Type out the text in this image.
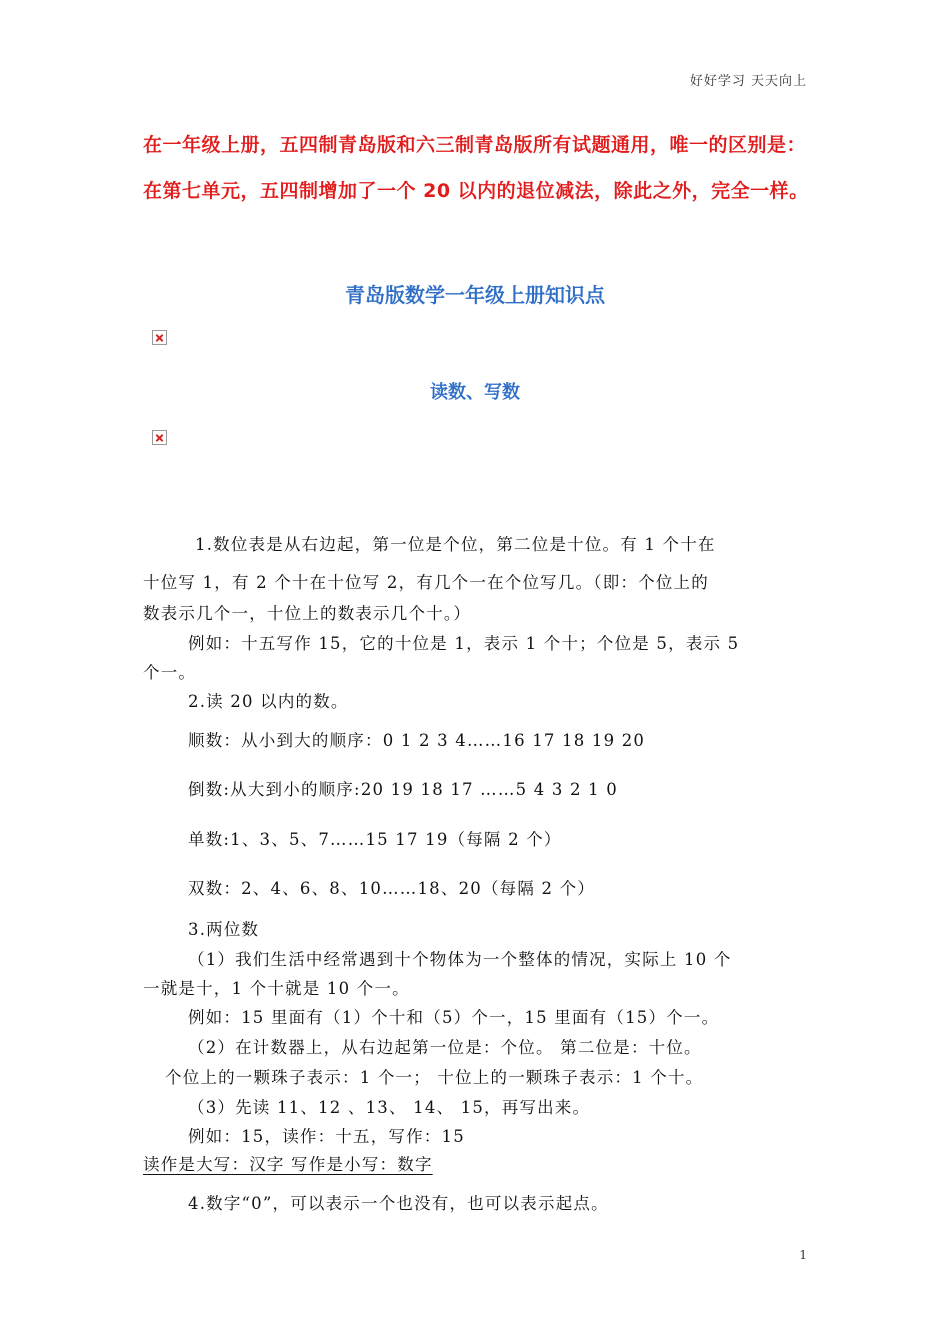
好好学习 天天向上
在一年级上册，五四制青岛版和六三制青岛版所有试题通用，唯一的区别是：在第七单元，五四制增加了一个 20 以内的退位减法，除此之外，完全一样。
青岛版数学一年级上册知识点
读数、写数
1.数位表是从右边起，第一位是个位，第二位是十位。有 1 个十在
十位写 1，有 2 个十在十位写 2，有几个一在个位写几。（即：个位上的
数表示几个一，十位上的数表示几个十。）
例如：十五写作 15，它的十位是 1，表示 1 个十；个位是 5，表示 5
个一。
2.读 20 以内的数。
顺数：从小到大的顺序：0 1 2 3 4……16 17 18 19 20
倒数:从大到小的顺序:20 19 18 17 ……5 4 3 2 1 0
单数:1、3、5、7……15 17 19（每隔 2 个）
双数：2、4、6、8、10……18、20（每隔 2 个）
3.两位数
（1）我们生活中经常遇到十个物体为一个整体的情况，实际上 10 个
一就是十，1 个十就是 10 个一。
例如：15 里面有（1）个十和（5）个一，15 里面有（15）个一。
（2）在计数器上，从右边起第一位是：个位。 第二位是：十位。
个位上的一颗珠子表示：1 个一； 十位上的一颗珠子表示：1 个十。
（3）先读 11、12 、13、 14、 15，再写出来。
例如：15，读作：十五，写作：15
读作是大写：汉字 写作是小写：数字
4.数字“0”，可以表示一个也没有，也可以表示起点。
1
